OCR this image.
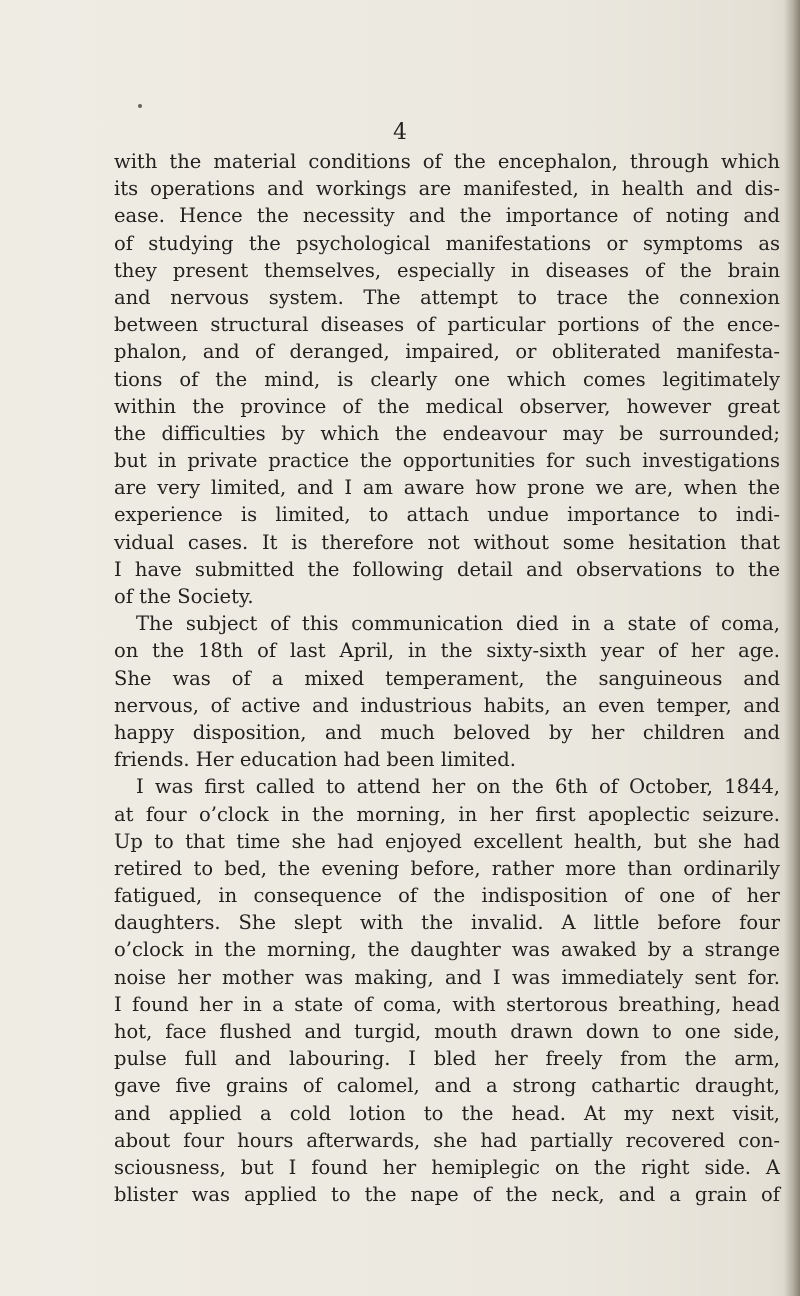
4
with the material conditions of the encephalon, through which
its operations and workings are manifested, in health and dis-
ease. Hence the necessity and the importance of noting and
of studying the psychological manifestations or symptoms as
they present themselves, especially in diseases of the brain
and nervous system. The attempt to trace the connexion
between structural diseases of particular portions of the ence-
phalon, and of deranged, impaired, or obliterated manifesta-
tions of the mind, is clearly one which comes legitimately
within the province of the medical observer, however great
the difficulties by which the endeavour may be surrounded;
but in private practice the opportunities for such investigations
are very limited, and I am aware how prone we are, when the
experience is limited, to attach undue importance to indi-
vidual cases. It is therefore not without some hesitation that
I have submitted the following detail and observations to the
of the Society.
The subject of this communication died in a state of coma,
on the 18th of last April, in the sixty-sixth year of her age.
She was of a mixed temperament, the sanguineous and
nervous, of active and industrious habits, an even temper, and
happy disposition, and much beloved by her children and
friends. Her education had been limited.
I was first called to attend her on the 6th of October, 1844,
at four o’clock in the morning, in her first apoplectic seizure.
Up to that time she had enjoyed excellent health, but she had
retired to bed, the evening before, rather more than ordinarily
fatigued, in consequence of the indisposition of one of her
daughters. She slept with the invalid. A little before four
o’clock in the morning, the daughter was awaked by a strange
noise her mother was making, and I was immediately sent for.
I found her in a state of coma, with stertorous breathing, head
hot, face flushed and turgid, mouth drawn down to one side,
pulse full and labouring. I bled her freely from the arm,
gave five grains of calomel, and a strong cathartic draught,
and applied a cold lotion to the head. At my next visit,
about four hours afterwards, she had partially recovered con-
sciousness, but I found her hemiplegic on the right side. A
blister was applied to the nape of the neck, and a grain of
